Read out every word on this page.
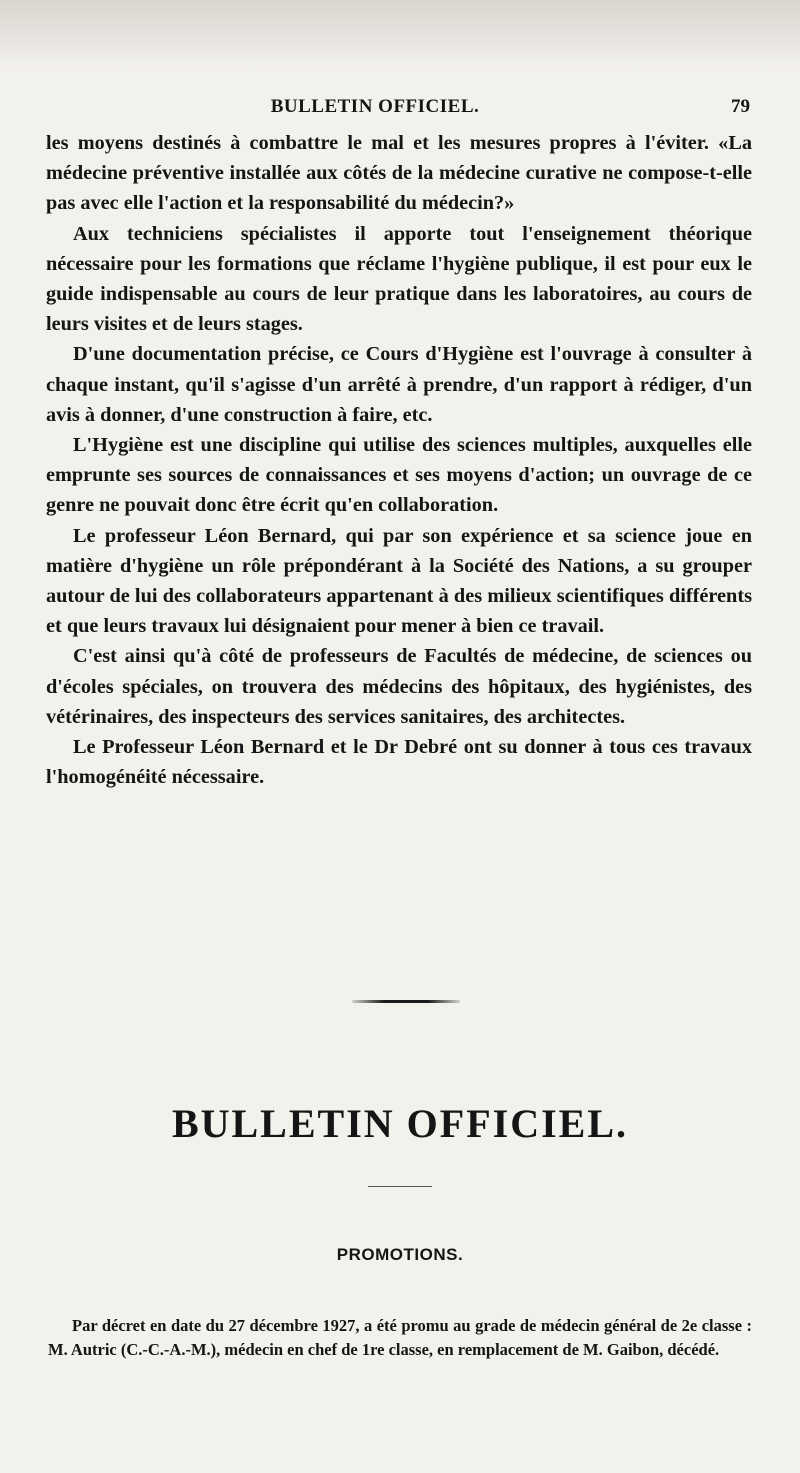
BULLETIN OFFICIEL.	79

les moyens destinés à combattre le mal et les mesures propres à l'éviter. «La médecine préventive installée aux côtés de la médecine curative ne compose-t-elle pas avec elle l'action et la responsabilité du médecin?»

Aux techniciens spécialistes il apporte tout l'enseignement théorique nécessaire pour les formations que réclame l'hygiène publique, il est pour eux le guide indispensable au cours de leur pratique dans les laboratoires, au cours de leurs visites et de leurs stages.

D'une documentation précise, ce Cours d'Hygiène est l'ouvrage à consulter à chaque instant, qu'il s'agisse d'un arrêté à prendre, d'un rapport à rédiger, d'un avis à donner, d'une construction à faire, etc.

L'Hygiène est une discipline qui utilise des sciences multiples, auxquelles elle emprunte ses sources de connaissances et ses moyens d'action; un ouvrage de ce genre ne pouvait donc être écrit qu'en collaboration.

Le professeur Léon Bernard, qui par son expérience et sa science joue en matière d'hygiène un rôle prépondérant à la Société des Nations, a su grouper autour de lui des collaborateurs appartenant à des milieux scientifiques différents et que leurs travaux lui désignaient pour mener à bien ce travail.

C'est ainsi qu'à côté de professeurs de Facultés de médecine, de sciences ou d'écoles spéciales, on trouvera des médecins des hôpitaux, des hygiénistes, des vétérinaires, des inspecteurs des services sanitaires, des architectes.

Le Professeur Léon Bernard et le Dr Debré ont su donner à tous ces travaux l'homogénéité nécessaire.

BULLETIN OFFICIEL.
PROMOTIONS.

Par décret en date du 27 décembre 1927, a été promu au grade de médecin général de 2e classe : M. Autric (C.-C.-A.-M.), médecin en chef de 1re classe, en remplacement de M. Gaibon, décédé.
